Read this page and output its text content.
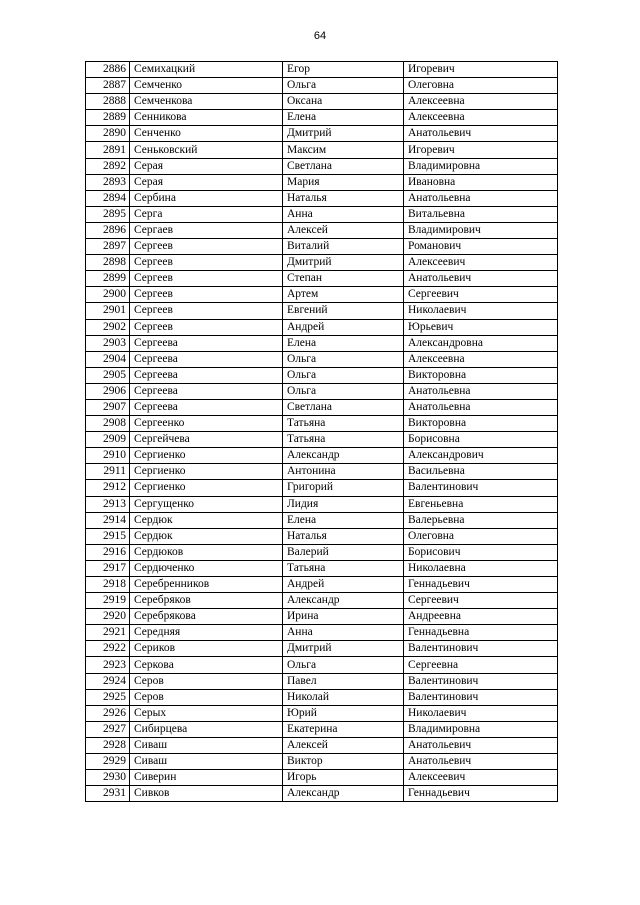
64
2886	Семихацкий	Егор	Игоревич
2887	Семченко	Ольга	Олеговна
2888	Семченкова	Оксана	Алексеевна
2889	Сенникова	Елена	Алексеевна
2890	Сенченко	Дмитрий	Анатольевич
2891	Сеньковский	Максим	Игоревич
2892	Серая	Светлана	Владимировна
2893	Серая	Мария	Ивановна
2894	Сербина	Наталья	Анатольевна
2895	Серга	Анна	Витальевна
2896	Сергаев	Алексей	Владимирович
2897	Сергеев	Виталий	Романович
2898	Сергеев	Дмитрий	Алексеевич
2899	Сергеев	Степан	Анатольевич
2900	Сергеев	Артем	Сергеевич
2901	Сергеев	Евгений	Николаевич
2902	Сергеев	Андрей	Юрьевич
2903	Сергеева	Елена	Александровна
2904	Сергеева	Ольга	Алексеевна
2905	Сергеева	Ольга	Викторовна
2906	Сергеева	Ольга	Анатольевна
2907	Сергеева	Светлана	Анатольевна
2908	Сергеенко	Татьяна	Викторовна
2909	Сергейчева	Татьяна	Борисовна
2910	Сергиенко	Александр	Александрович
2911	Сергиенко	Антонина	Васильевна
2912	Сергиенко	Григорий	Валентинович
2913	Сергущенко	Лидия	Евгеньевна
2914	Сердюк	Елена	Валерьевна
2915	Сердюк	Наталья	Олеговна
2916	Сердюков	Валерий	Борисович
2917	Сердюченко	Татьяна	Николаевна
2918	Серебренников	Андрей	Геннадьевич
2919	Серебряков	Александр	Сергеевич
2920	Серебрякова	Ирина	Андреевна
2921	Середняя	Анна	Геннадьевна
2922	Сериков	Дмитрий	Валентинович
2923	Серкова	Ольга	Сергеевна
2924	Серов	Павел	Валентинович
2925	Серов	Николай	Валентинович
2926	Серых	Юрий	Николаевич
2927	Сибирцева	Екатерина	Владимировна
2928	Сиваш	Алексей	Анатольевич
2929	Сиваш	Виктор	Анатольевич
2930	Сиверин	Игорь	Алексеевич
2931	Сивков	Александр	Геннадьевич
